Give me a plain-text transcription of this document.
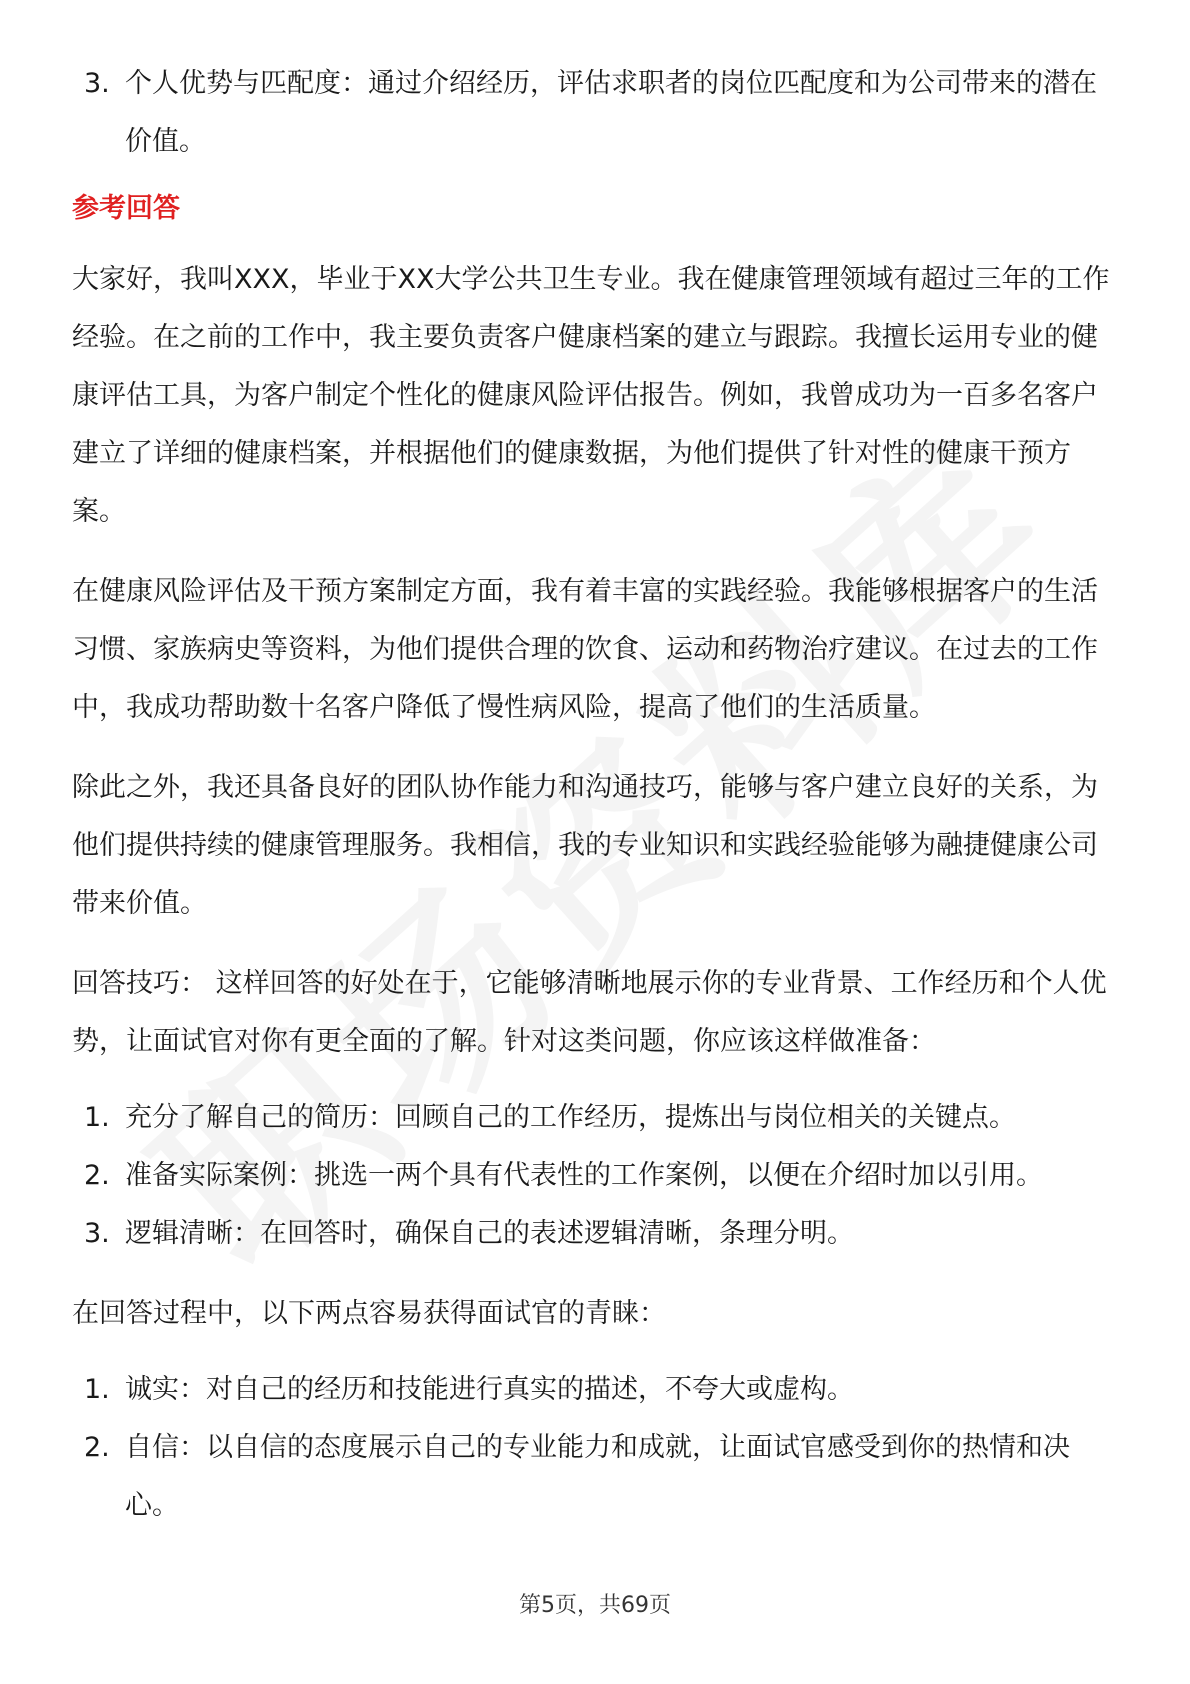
3. 个人优势与匹配度：通过介绍经历，评估求职者的岗位匹配度和为公司带来的潜在价值。

参考回答

大家好，我叫XXX，毕业于XX大学公共卫生专业。我在健康管理领域有超过三年的工作经验。在之前的工作中，我主要负责客户健康档案的建立与跟踪。我擅长运用专业的健康评估工具，为客户制定个性化的健康风险评估报告。例如，我曾成功为一百多名客户建立了详细的健康档案，并根据他们的健康数据，为他们提供了针对性的健康干预方案。

在健康风险评估及干预方案制定方面，我有着丰富的实践经验。我能够根据客户的生活习惯、家族病史等资料，为他们提供合理的饮食、运动和药物治疗建议。在过去的工作中，我成功帮助数十名客户降低了慢性病风险，提高了他们的生活质量。

除此之外，我还具备良好的团队协作能力和沟通技巧，能够与客户建立良好的关系，为他们提供持续的健康管理服务。我相信，我的专业知识和实践经验能够为融捷健康公司带来价值。

回答技巧： 这样回答的好处在于，它能够清晰地展示你的专业背景、工作经历和个人优势，让面试官对你有更全面的了解。针对这类问题，你应该这样做准备：

1. 充分了解自己的简历：回顾自己的工作经历，提炼出与岗位相关的关键点。
2. 准备实际案例：挑选一两个具有代表性的工作案例，以便在介绍时加以引用。
3. 逻辑清晰：在回答时，确保自己的表述逻辑清晰，条理分明。

在回答过程中，以下两点容易获得面试官的青睐：

1. 诚实：对自己的经历和技能进行真实的描述，不夸大或虚构。
2. 自信：以自信的态度展示自己的专业能力和成就，让面试官感受到你的热情和决心。
第5页，共69页
